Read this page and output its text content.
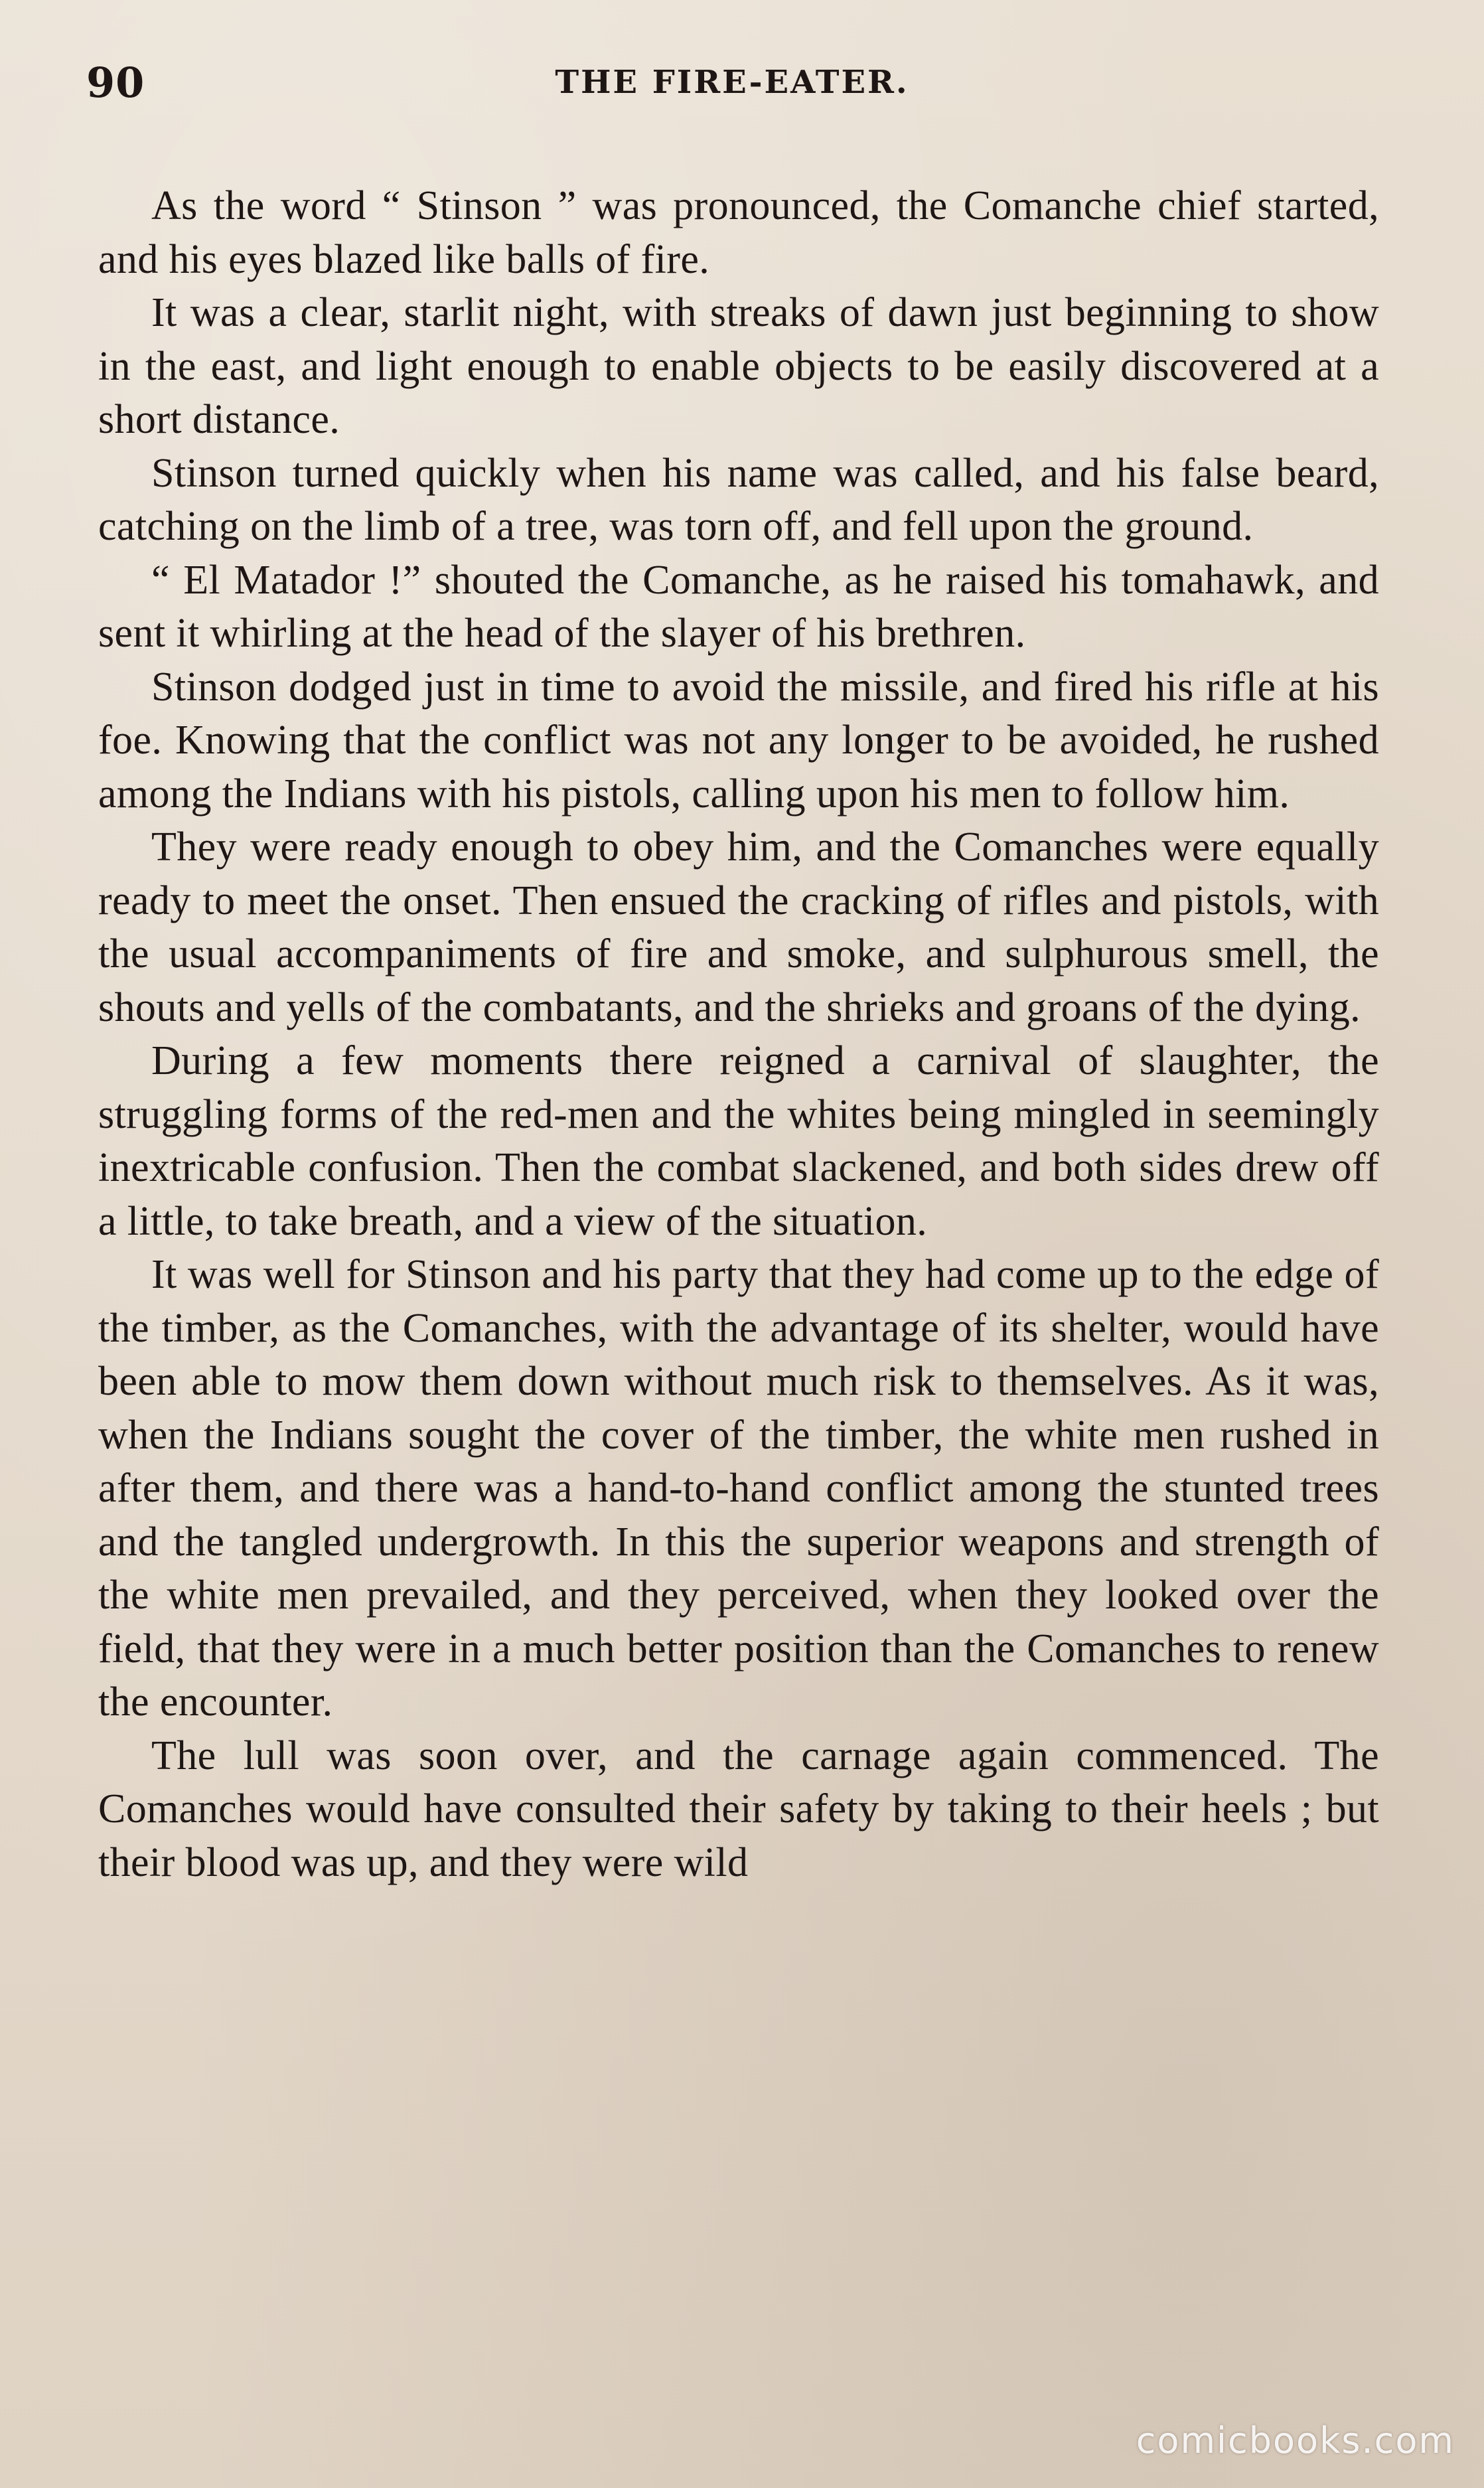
90	THE FIRE-EATER.

As the word “ Stinson ” was pronounced, the Comanche chief started, and his eyes blazed like balls of fire.

It was a clear, starlit night, with streaks of dawn just beginning to show in the east, and light enough to enable objects to be easily discovered at a short distance.

Stinson turned quickly when his name was called, and his false beard, catching on the limb of a tree, was torn off, and fell upon the ground.

“ El Matador !” shouted the Comanche, as he raised his tomahawk, and sent it whirling at the head of the slayer of his brethren.

Stinson dodged just in time to avoid the missile, and fired his rifle at his foe. Knowing that the conflict was not any longer to be avoided, he rushed among the Indians with his pistols, calling upon his men to follow him.

They were ready enough to obey him, and the Comanches were equally ready to meet the onset. Then ensued the cracking of rifles and pistols, with the usual accompaniments of fire and smoke, and sulphurous smell, the shouts and yells of the combatants, and the shrieks and groans of the dying.

During a few moments there reigned a carnival of slaughter, the struggling forms of the red-men and the whites being mingled in seemingly inextricable confusion. Then the combat slackened, and both sides drew off a little, to take breath, and a view of the situation.

It was well for Stinson and his party that they had come up to the edge of the timber, as the Comanches, with the advantage of its shelter, would have been able to mow them down without much risk to themselves. As it was, when the Indians sought the cover of the timber, the white men rushed in after them, and there was a hand-to-hand conflict among the stunted trees and the tangled undergrowth. In this the superior weapons and strength of the white men prevailed, and they perceived, when they looked over the field, that they were in a much better position than the Comanches to renew the encounter.

The lull was soon over, and the carnage again commenced. The Comanches would have consulted their safety by taking to their heels ; but their blood was up, and they were wild

comicbooks.com
